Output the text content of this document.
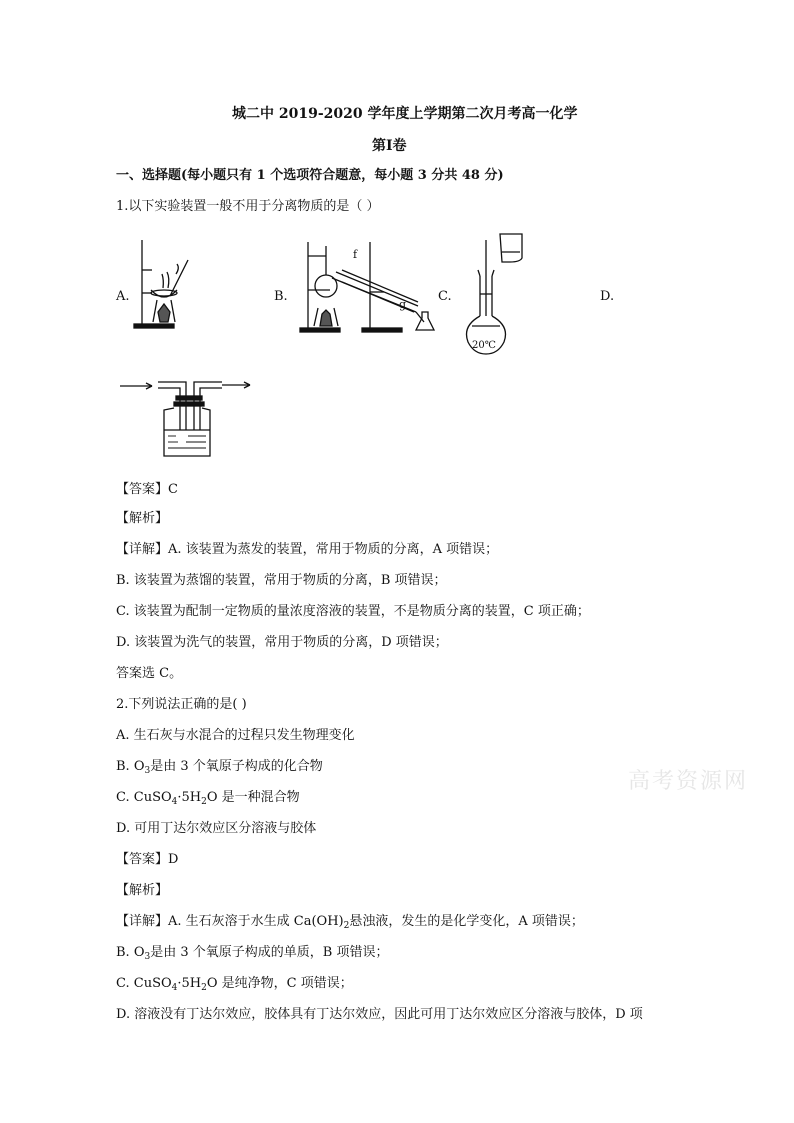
城二中 2019-2020 学年度上学期第二次月考高一化学
第Ⅰ卷
一、选择题(每小题只有 1 个选项符合题意，每小题 3 分共 48 分)
1.以下实验装置一般不用于分离物质的是（ ）
A.	B.	C.	D.
f
g
20℃
【答案】C
【解析】
【详解】A. 该装置为蒸发的装置，常用于物质的分离，A 项错误；
B. 该装置为蒸馏的装置，常用于物质的分离，B 项错误；
C. 该装置为配制一定物质的量浓度溶液的装置，不是物质分离的装置，C 项正确；
D. 该装置为洗气的装置，常用于物质的分离，D 项错误；
答案选 C。
2.下列说法正确的是( )
A. 生石灰与水混合的过程只发生物理变化
B. $O_3$是由 3 个氧原子构成的化合物
C. $CuSO_4\cdot 5H_2O$ 是一种混合物
D. 可用丁达尔效应区分溶液与胶体
高考资源网
【答案】D
【解析】
【详解】A. 生石灰溶于水生成 $Ca(OH)_2$悬浊液，发生的是化学变化，A 项错误；
B. $O_3$是由 3 个氧原子构成的单质，B 项错误；
C. $CuSO_4\cdot 5H_2O$ 是纯净物，C 项错误；
D. 溶液没有丁达尔效应，胶体具有丁达尔效应，因此可用丁达尔效应区分溶液与胶体，D 项
